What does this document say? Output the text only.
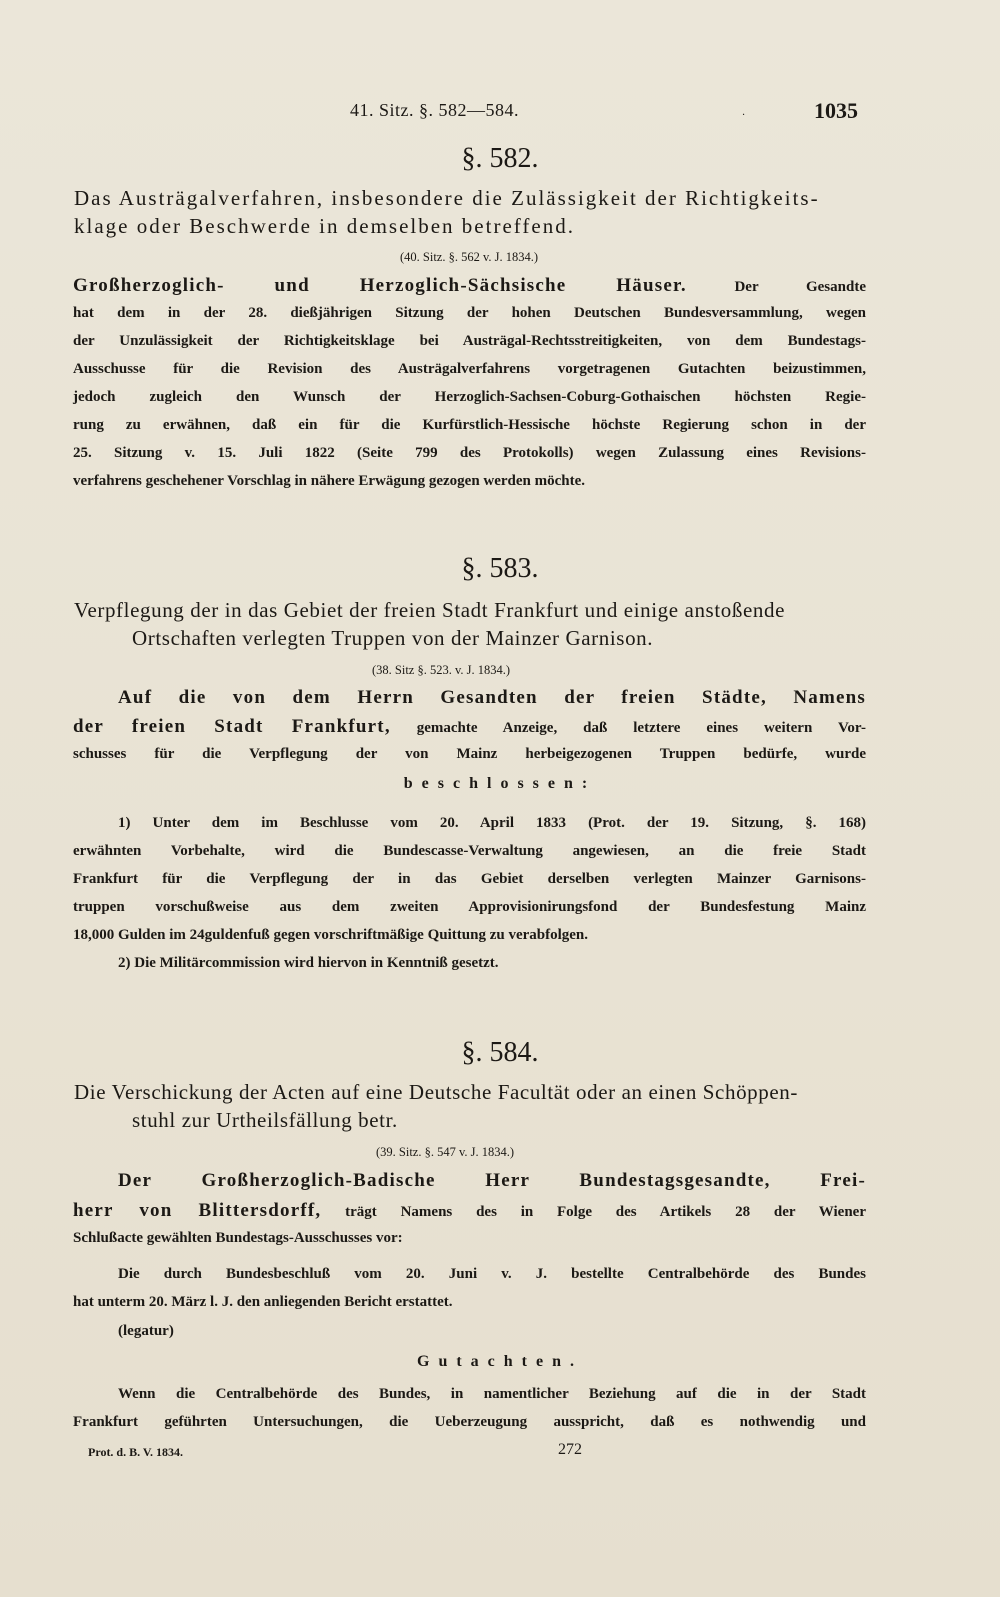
41. Sitz. §. 582—584.	·	1035
§. 582.
Das Austrägalverfahren, insbesondere die Zulässigkeit der Richtigkeits-
klage oder Beschwerde in demselben betreffend.
(40. Sitz. §. 562 v. J. 1834.)
Großherzoglich- und Herzoglich-Sächsische Häuser.	Der Gesandte
hat dem in der 28. dießjährigen Sitzung der hohen Deutschen Bundesversammlung, wegen
der Unzulässigkeit der Richtigkeitsklage bei Austrägal-Rechtsstreitigkeiten, von dem Bundestags-
Ausschusse für die Revision des Austrägalverfahrens vorgetragenen Gutachten beizustimmen,
jedoch zugleich den Wunsch der Herzoglich-Sachsen-Coburg-Gothaischen höchsten Regie-
rung zu erwähnen, daß ein für die Kurfürstlich-Hessische höchste Regierung schon in der
25. Sitzung v. 15. Juli 1822 (Seite 799 des Protokolls) wegen Zulassung eines Revisions-
verfahrens geschehener Vorschlag in nähere Erwägung gezogen werden möchte.
§. 583.
Verpflegung der in das Gebiet der freien Stadt Frankfurt und einige anstoßende
Ortschaften verlegten Truppen von der Mainzer Garnison.
(38. Sitz §. 523. v. J. 1834.)
Auf die von dem Herrn Gesandten der freien Städte, Namens
der freien Stadt Frankfurt, gemachte Anzeige, daß letztere eines weitern Vor-
schusses für die Verpflegung der von Mainz herbeigezogenen Truppen bedürfe, wurde
beschlossen:
1) Unter dem im Beschlusse vom 20. April 1833 (Prot. der 19. Sitzung, §. 168)
erwähnten Vorbehalte, wird die Bundescasse-Verwaltung angewiesen, an die freie Stadt
Frankfurt für die Verpflegung der in das Gebiet derselben verlegten Mainzer Garnisons-
truppen vorschußweise aus dem zweiten Approvisionirungsfond der Bundesfestung Mainz
18,000 Gulden im 24guldenfuß gegen vorschriftmäßige Quittung zu verabfolgen.
2) Die Militärcommission wird hiervon in Kenntniß gesetzt.
§. 584.
Die Verschickung der Acten auf eine Deutsche Facultät oder an einen Schöppen-
stuhl zur Urtheilsfällung betr.
(39. Sitz. §. 547 v. J. 1834.)
Der Großherzoglich-Badische Herr Bundestagsgesandte, Frei-
herr von Blittersdorff, trägt Namens des in Folge des Artikels 28 der Wiener
Schlußacte gewählten Bundestags-Ausschusses vor:
Die durch Bundesbeschluß vom 20. Juni v. J. bestellte Centralbehörde des Bundes
hat unterm 20. März l. J. den anliegenden Bericht erstattet.
(legatur)
Gutachten.
Wenn die Centralbehörde des Bundes, in namentlicher Beziehung auf die in der Stadt
Frankfurt geführten Untersuchungen, die Ueberzeugung ausspricht, daß es nothwendig und
Prot. d. B. V. 1834.	272
